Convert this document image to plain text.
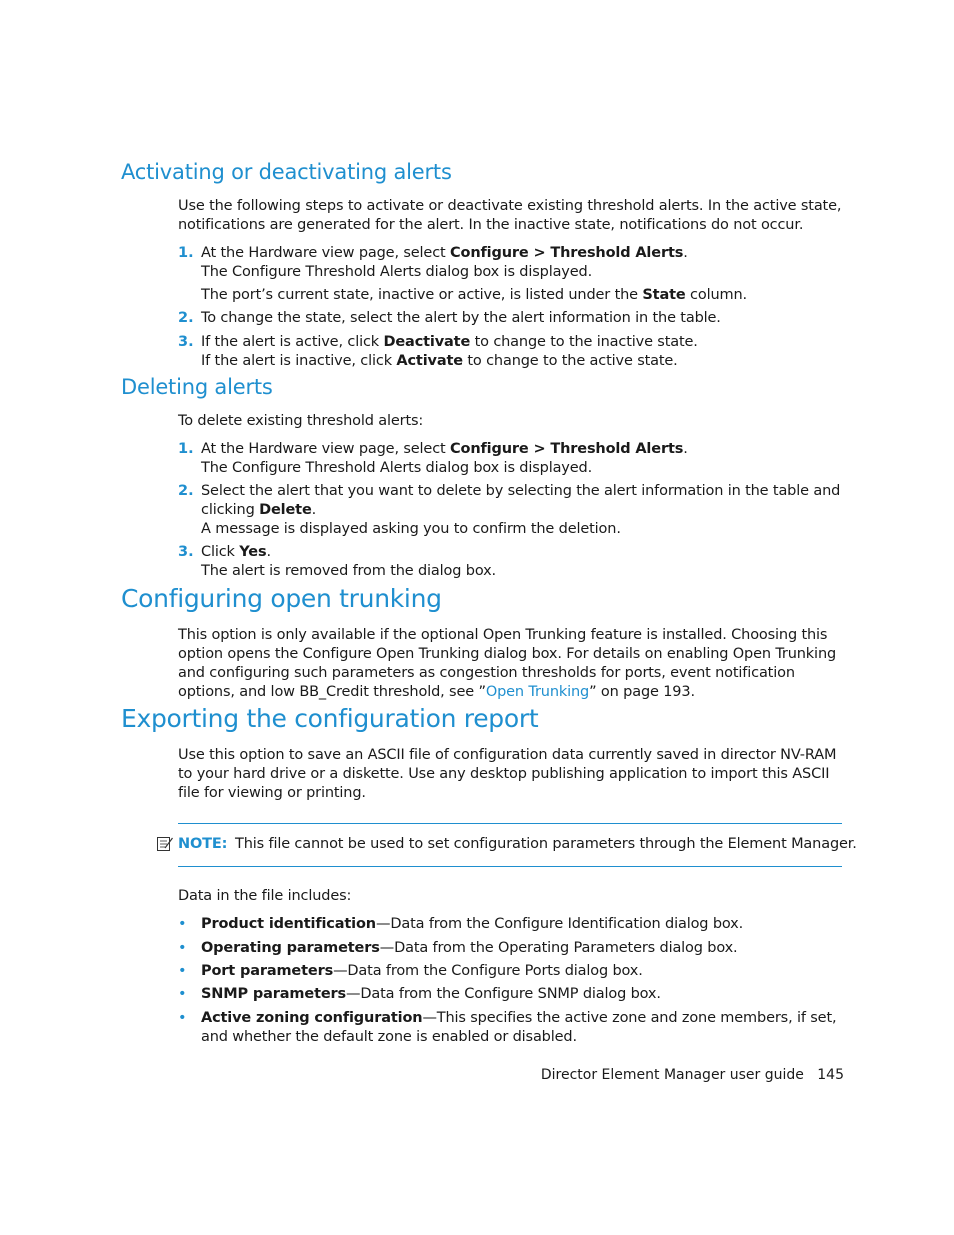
Activating or deactivating alerts
Use the following steps to activate or deactivate existing threshold alerts. In the active state, notifications are generated for the alert. In the inactive state, notifications do not occur.
1. At the Hardware view page, select Configure > Threshold Alerts.
The Configure Threshold Alerts dialog box is displayed.
The port’s current state, inactive or active, is listed under the State column.
2. To change the state, select the alert by the alert information in the table.
3. If the alert is active, click Deactivate to change to the inactive state.
If the alert is inactive, click Activate to change to the active state.
Deleting alerts
To delete existing threshold alerts:
1. At the Hardware view page, select Configure > Threshold Alerts.
The Configure Threshold Alerts dialog box is displayed.
2. Select the alert that you want to delete by selecting the alert information in the table and clicking Delete.
A message is displayed asking you to confirm the deletion.
3. Click Yes.
The alert is removed from the dialog box.
Configuring open trunking
This option is only available if the optional Open Trunking feature is installed. Choosing this option opens the Configure Open Trunking dialog box. For details on enabling Open Trunking and configuring such parameters as congestion thresholds for ports, event notification options, and low BB_Credit threshold, see ”Open Trunking” on page 193.
Exporting the configuration report
Use this option to save an ASCII file of configuration data currently saved in director NV-RAM to your hard drive or a diskette. Use any desktop publishing application to import this ASCII file for viewing or printing.
NOTE: This file cannot be used to set configuration parameters through the Element Manager.
Data in the file includes:
• Product identification—Data from the Configure Identification dialog box.
• Operating parameters—Data from the Operating Parameters dialog box.
• Port parameters—Data from the Configure Ports dialog box.
• SNMP parameters—Data from the Configure SNMP dialog box.
• Active zoning configuration—This specifies the active zone and zone members, if set, and whether the default zone is enabled or disabled.
Director Element Manager user guide 145
